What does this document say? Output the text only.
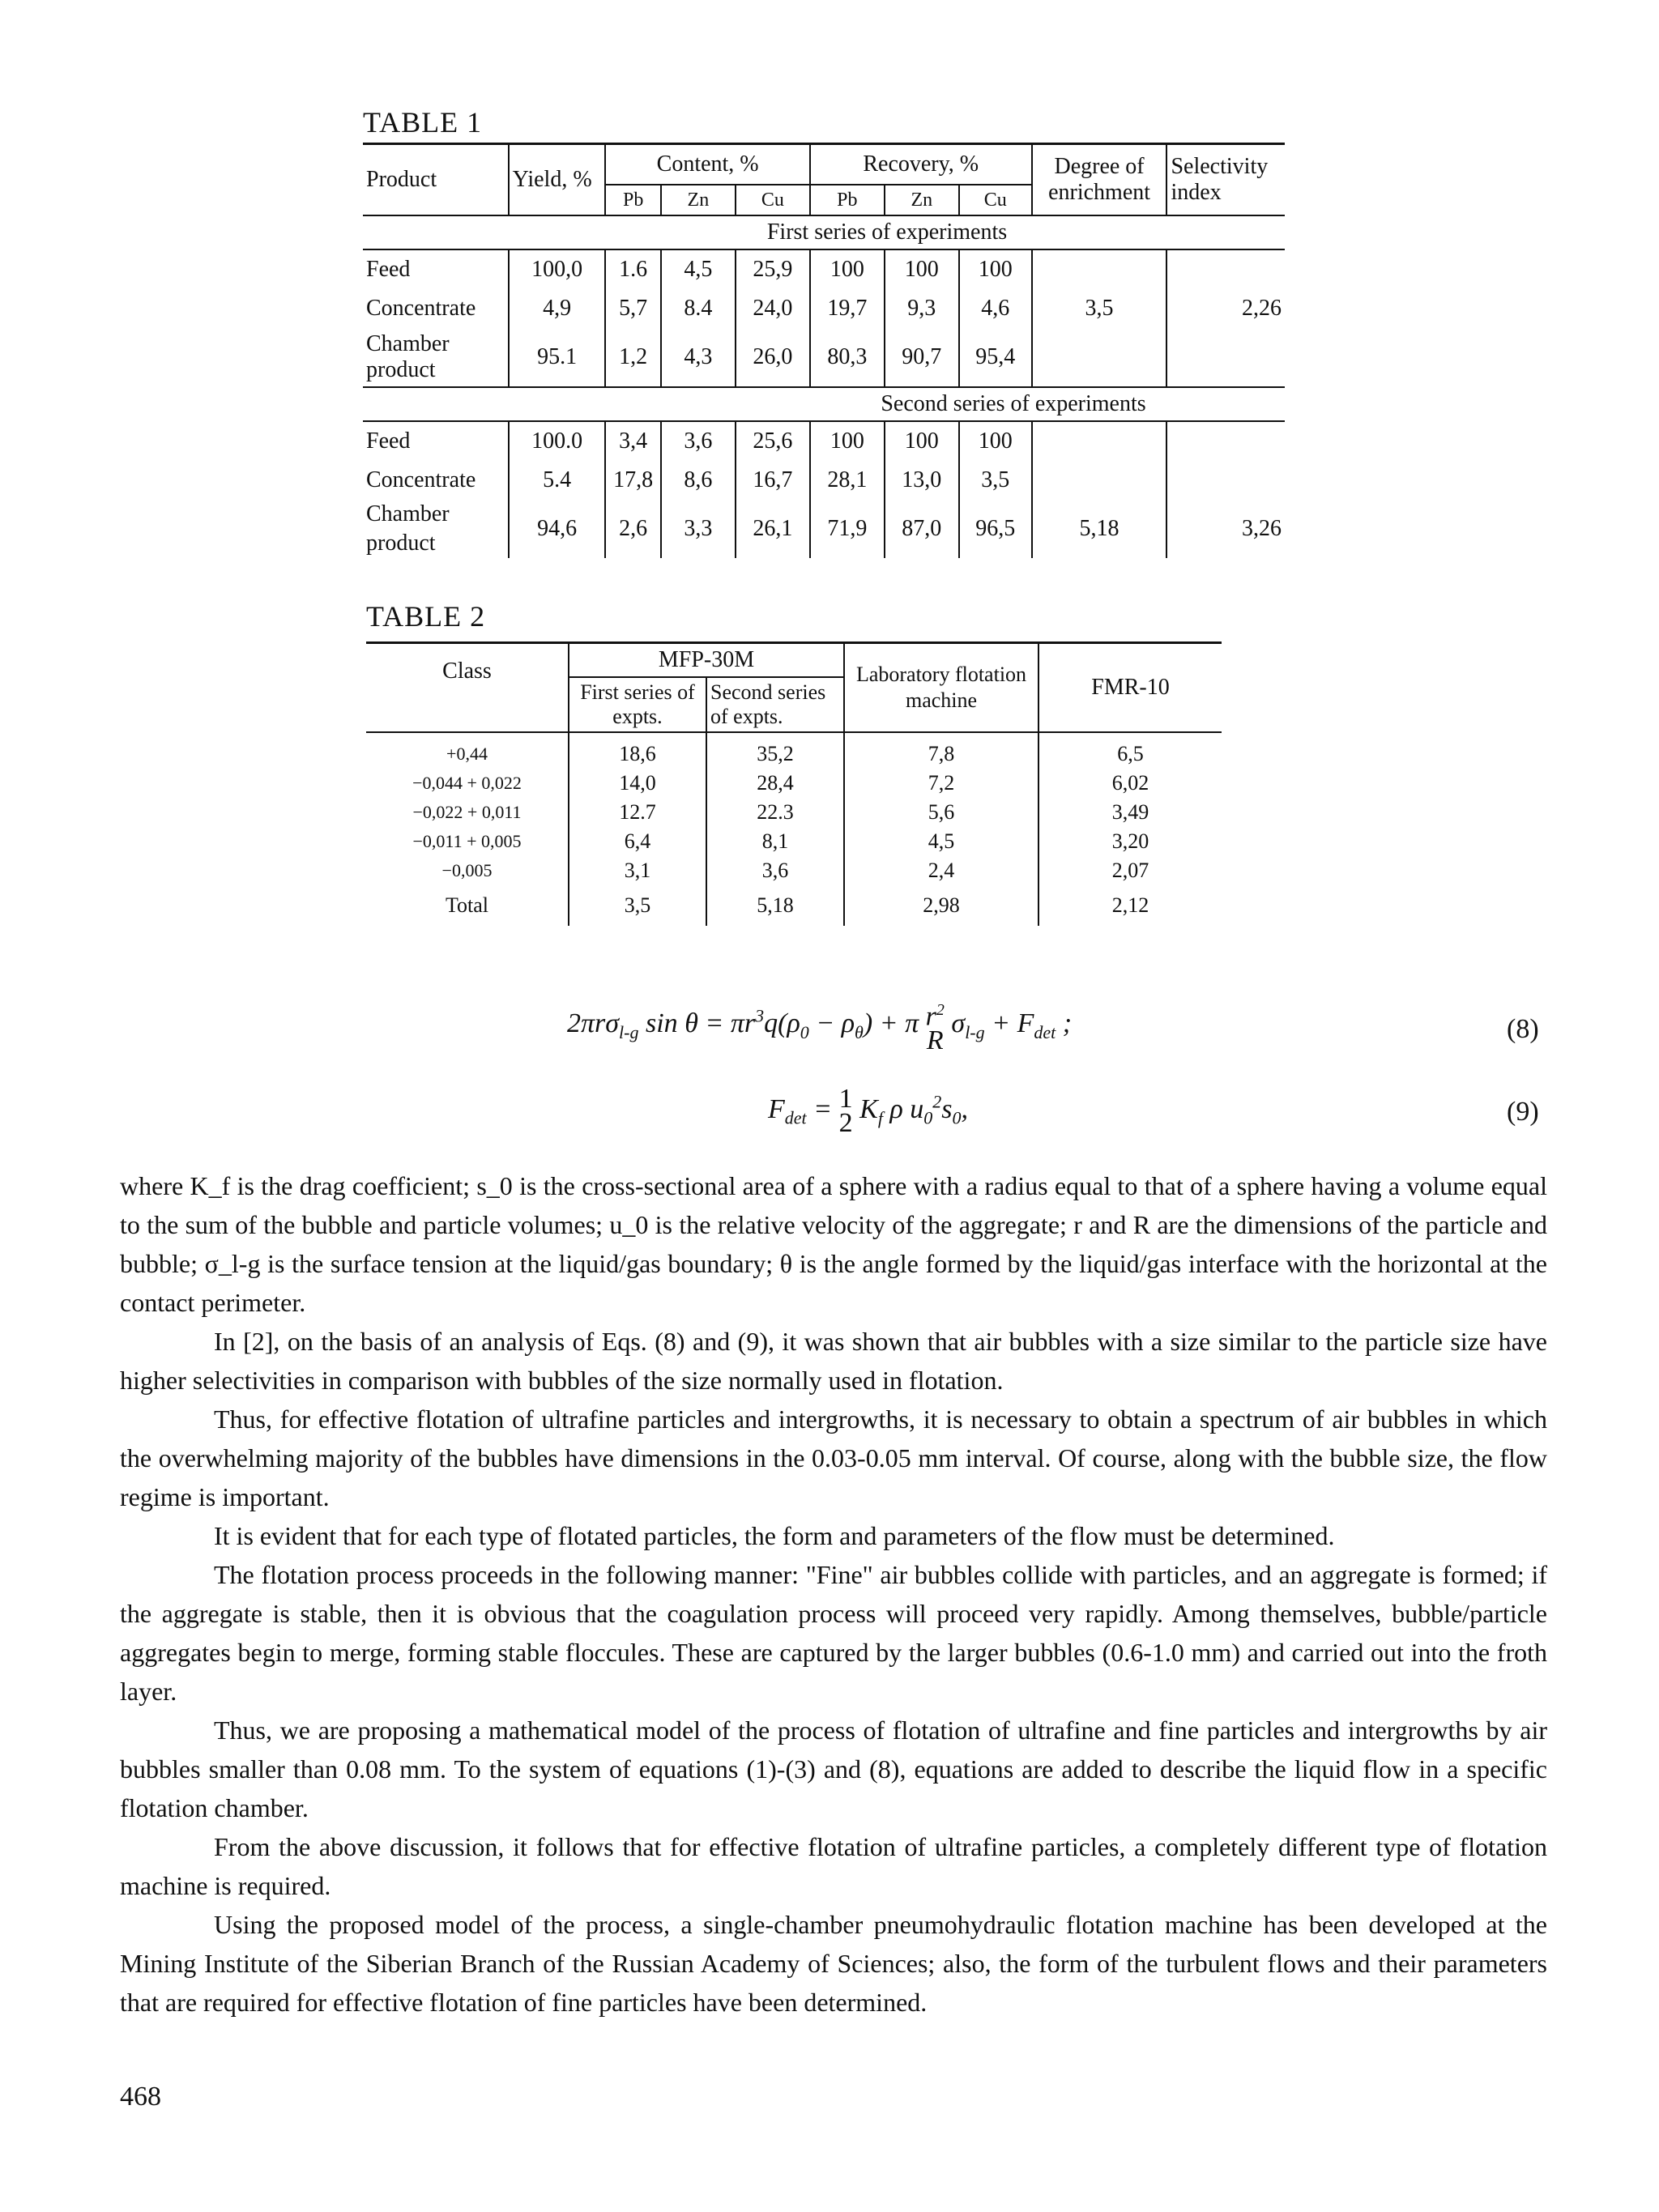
TABLE 1
Product	Yield, %	Content, %			Recovery, %			Degree of enrichment	Selectivity index
		Pb	Zn	Cu	Pb	Zn	Cu		
First series of experiments									
Feed	100,0	1.6	4,5	25,9	100	100	100		
Concentrate	4,9	5,7	8.4	24,0	19,7	9,3	4,6	3,5	2,26
Chamber product	95.1	1,2	4,3	26,0	80,3	90,7	95,4		
Second series of experiments									
Feed	100.0	3,4	3,6	25,6	100	100	100		
Concentrate	5.4	17,8	8,6	16,7	28,1	13,0	3,5		
Chamber product	94,6	2,6	3,3	26,1	71,9	87,0	96,5	5,18	3,26
TABLE 2
Class	MFP-30M		Laboratory flotation machine	FMR-10
	First series of expts.	Second series of expts.		
+0,44	18,6	35,2	7,8	6,5
−0,044 + 0,022	14,0	28,4	7,2	6,02
−0,022 + 0,011	12.7	22.3	5,6	3,49
−0,011 + 0,005	6,4	8,1	4,5	3,20
−0,005	3,1	3,6	2,4	2,07
Total	3,5	5,18	2,98	2,12
2πrσ$_{l-g}$ $\sin \theta = \pi r^3q(\rho_0 - \rho_\theta) + \pi$ $r^2$
R
$\sigma_{l-g} + F_{det}$ ;	(8)
$F_{det} = 1$
2 $K_f$ ρ $u_0^2s_0$,	(9)

where K_f is the drag coefficient; s_0 is the cross-sectional area of a sphere with a radius equal to that of a sphere having a volume equal to the sum of the bubble and particle volumes; u_0 is the relative velocity of the aggregate; r and R are the dimensions of the particle and bubble; σ_l-g is the surface tension at the liquid/gas boundary; θ is the angle formed by the liquid/gas interface with the horizontal at the contact perimeter.

In [2], on the basis of an analysis of Eqs. (8) and (9), it was shown that air bubbles with a size similar to the particle size have higher selectivities in comparison with bubbles of the size normally used in flotation.

Thus, for effective flotation of ultrafine particles and intergrowths, it is necessary to obtain a spectrum of air bubbles in which the overwhelming majority of the bubbles have dimensions in the 0.03-0.05 mm interval. Of course, along with the bubble size, the flow regime is important.

It is evident that for each type of flotated particles, the form and parameters of the flow must be determined.

The flotation process proceeds in the following manner: "Fine" air bubbles collide with particles, and an aggregate is formed; if the aggregate is stable, then it is obvious that the coagulation process will proceed very rapidly. Among themselves, bubble/particle aggregates begin to merge, forming stable floccules. These are captured by the larger bubbles (0.6-1.0 mm) and carried out into the froth layer.

Thus, we are proposing a mathematical model of the process of flotation of ultrafine and fine particles and intergrowths by air bubbles smaller than 0.08 mm. To the system of equations (1)-(3) and (8), equations are added to describe the liquid flow in a specific flotation chamber.

From the above discussion, it follows that for effective flotation of ultrafine particles, a completely different type of flotation machine is required.

Using the proposed model of the process, a single-chamber pneumohydraulic flotation machine has been developed at the Mining Institute of the Siberian Branch of the Russian Academy of Sciences; also, the form of the turbulent flows and their parameters that are required for effective flotation of fine particles have been determined.

468
